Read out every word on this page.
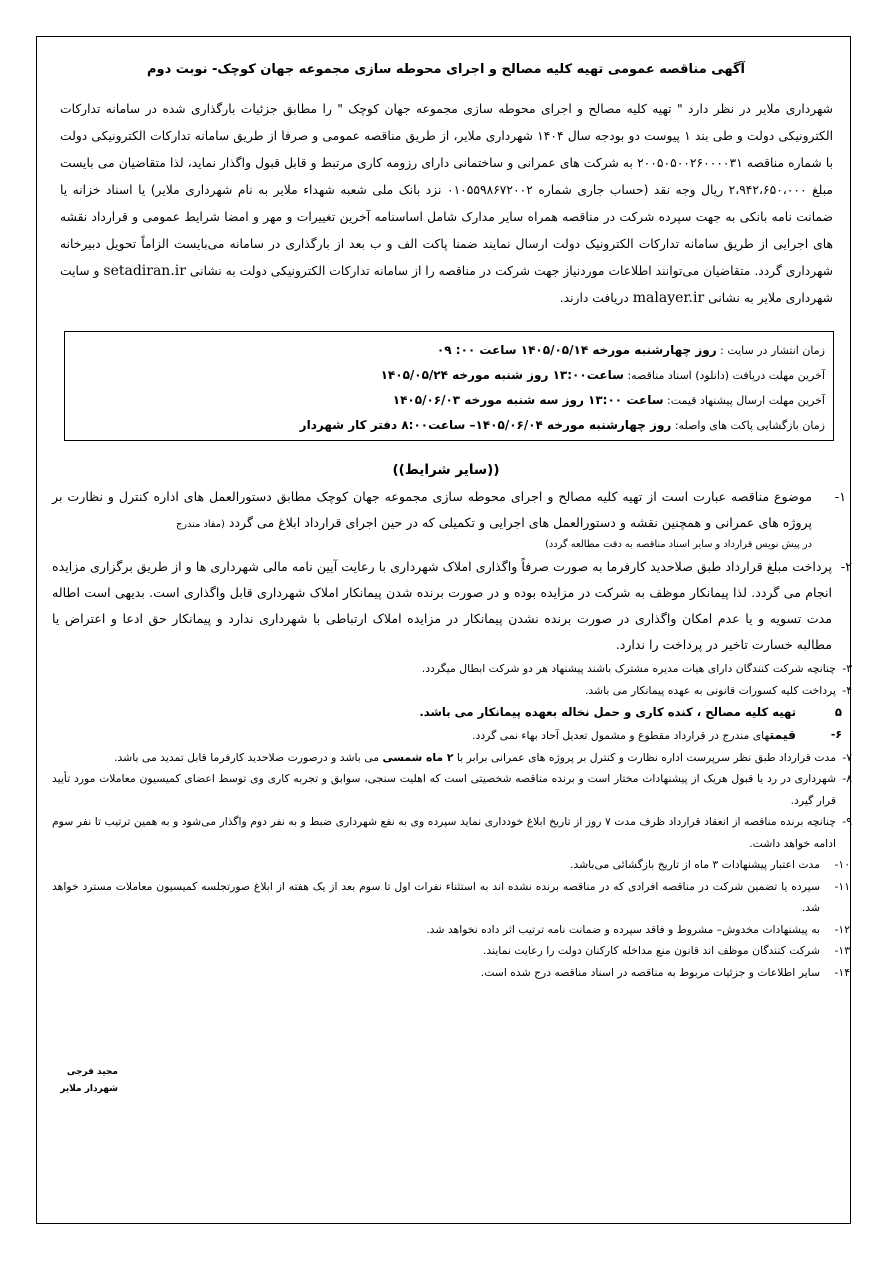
آگهی مناقصه عمومی تهیه کلیه مصالح و اجرای محوطه سازی مجموعه جهان کوچک- نوبت دوم
شهرداری ملایر در نظر دارد " تهیه کلیه مصالح و اجرای محوطه سازی مجموعه جهان کوچک " را مطابق جزئیات بارگذاری شده در سامانه تدارکات الکترونیکی دولت و طی بند ۱ پیوست دو بودجه سال ۱۴۰۴ شهرداری ملایر، از طریق مناقصه عمومی و صرفا از طریق سامانه تدارکات الکترونیکی دولت با شماره مناقصه ۲۰۰۵۰۵۰۰۲۶۰۰۰۰۳۱ به شرکت های عمرانی و ساختمانی دارای رزومه کاری مرتبط و قابل قبول واگذار نماید، لذا متقاضیان می بایست مبلغ ۲،۹۴۲،۶۵۰،۰۰۰ ریال وجه نقد (حساب جاری شماره ۰۱۰۵۵۹۸۶۷۲۰۰۲ نزد بانک ملی شعبه شهداء ملایر به نام شهرداری ملایر) یا اسناد خزانه یا ضمانت نامه بانکی به جهت سپرده شرکت در مناقصه همراه سایر مدارک شامل اساسنامه آخرین تغییرات و مهر و امضا شرایط عمومی و قرارداد نقشه های اجرایی از طریق سامانه تدارکات الکترونیک دولت ارسال نمایند ضمنا پاکت الف و ب بعد از بارگذاری در سامانه می‌بایست الزاماً تحویل دبیرخانه شهرداری گردد. متقاضیان می‌توانند اطلاعات موردنیاز جهت شرکت در مناقصه را از سامانه تدارکات الکترونیکی دولت به نشانی setadiran.ir و سایت شهرداری ملایر به نشانی malayer.ir دریافت دارند.
زمان انتشار در سایت : روز چهارشنبه مورخه ۱۴۰۵/۰۵/۱۴ ساعت ۰۰: ۰۹
آخرین مهلت دریافت (دانلود) اسناد مناقصه: ساعت۱۳:۰۰ روز شنبه مورخه ۱۴۰۵/۰۵/۲۴
آخرین مهلت ارسال پیشنهاد قیمت: ساعت ۱۳:۰۰ روز سه شنبه مورخه ۱۴۰۵/۰۶/۰۳
زمان بازگشایی پاکت های واصله: روز چهارشنبه مورخه ۱۴۰۵/۰۶/۰۴– ساعت۸:۰۰ دفتر کار شهردار
((سایر شرایط))
۱-
موضوع مناقصه عبارت است از تهیه کلیه مصالح و اجرای محوطه سازی مجموعه جهان کوچک مطابق دستورالعمل های اداره کنترل و نظارت بر پروژه های عمرانی و همچنین نقشه و دستورالعمل های اجرایی و تکمیلی که در حین اجرای قرارداد ابلاغ می گردد (مفاد مندرج
در پیش نویس قرارداد و سایر اسناد مناقصه به دقت مطالعه گردد)
۲-
پرداخت مبلغ قرارداد طبق صلاحدید کارفرما به صورت صرفاً واگذاری املاک شهرداری با رعایت آیین نامه مالی شهرداری ها و از طریق برگزاری مزایده انجام می گردد. لذا پیمانکار موظف به شرکت در مزایده بوده و در صورت برنده شدن پیمانکار املاک شهرداری قابل واگذاری است. بدیهی است اطاله مدت تسویه و یا عدم امکان واگذاری در صورت برنده نشدن پیمانکار در مزایده املاک ارتباطی با شهرداری ندارد و پیمانکار حق ادعا و اعتراض یا مطالبه خسارت تاخیر در پرداخت را ندارد.
۳-
چنانچه شرکت کنندگان دارای هیات مدیره مشترک باشند پیشنهاد هر دو شرکت ابطال میگردد.
۴-
پرداخت کلیه کسورات قانونی به عهده پیمانکار می باشد.
۵
تهیه کلیه مصالح ، کنده کاری و حمل نخاله بعهده پیمانکار می باشد.
۶-
قیمتهای مندرج در قرارداد مقطوع و مشمول تعدیل آحاد بهاء نمی گردد.
۷-
مدت قرارداد طبق نظر سرپرست اداره نظارت و کنترل بر پروژه های عمرانی برابر با ۲ ماه شمسی می باشد و درصورت صلاحدید کارفرما قابل تمدید می باشد.
۸-
شهرداری در رد یا قبول هریک از پیشنهادات مختار است و برنده مناقصه شخصیتی است که اهلیت سنجی، سوابق و تجربه کاری وی توسط اعضای کمیسیون معاملات مورد تأیید قرار گیرد.
۹-
چنانچه برنده مناقصه از انعقاد قرارداد ظرف مدت ۷ روز از تاریخ ابلاغ خودداری نماید سپرده وی به نفع شهرداری ضبط و به نفر دوم واگذار می‌شود و به همین ترتیب تا نفر سوم ادامه خواهد داشت.
۱۰-
مدت اعتبار پیشنهادات ۳ ماه از تاریخ بازگشائی می‌باشد.
۱۱-
سپرده یا تضمین شرکت در مناقصه افرادی که در مناقصه برنده نشده اند به استثناء نفرات اول تا سوم بعد از یک هفته از ابلاغ صورتجلسه کمیسیون معاملات مسترد خواهد شد.
۱۲-
به پیشنهادات مخدوش– مشروط و فاقد سپرده و ضمانت نامه ترتیب اثر داده نخواهد شد.
۱۳-
شرکت کنندگان موظف اند قانون منع مداخله کارکنان دولت را رعایت نمایند.
۱۴-
سایر اطلاعات و جزئیات مربوط به مناقصه در اسناد مناقصه درج شده است.
مجید فرجی
شهردار ملایر
